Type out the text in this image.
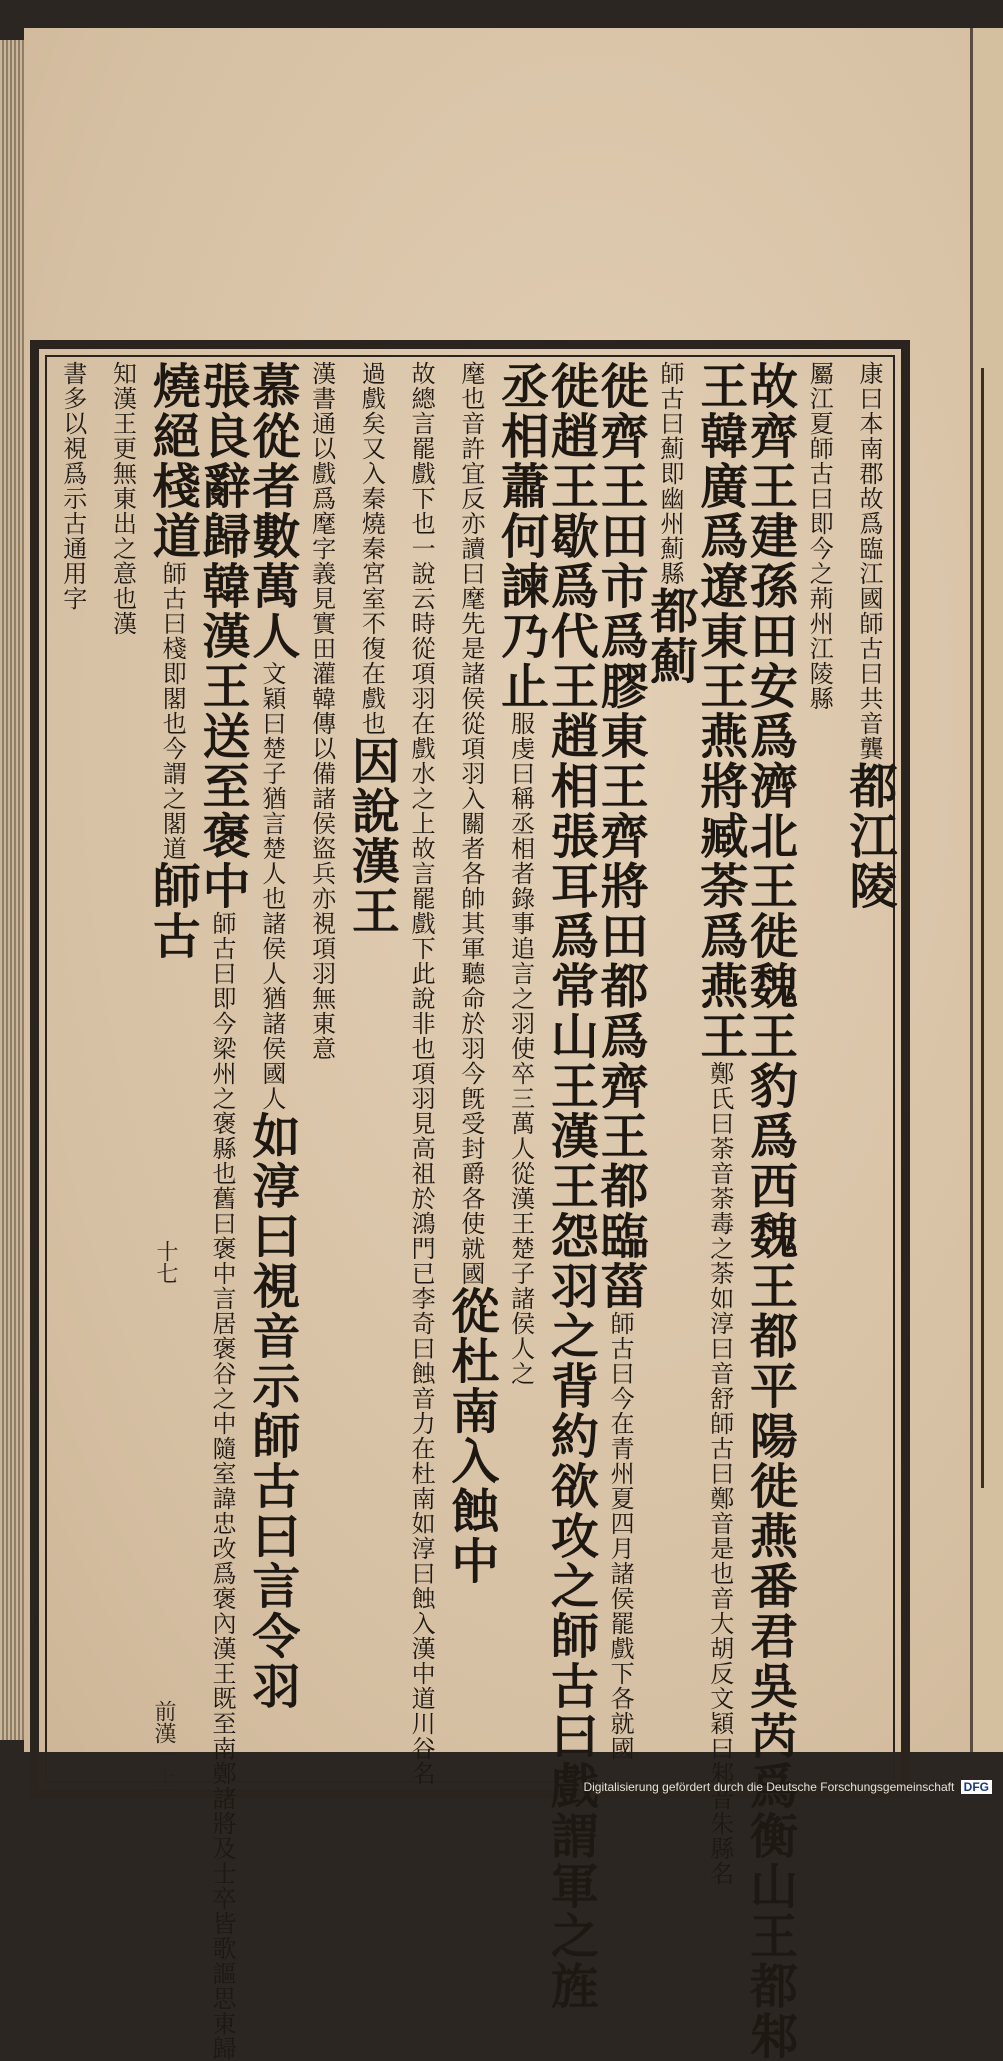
康曰本南郡故爲臨江國師古曰共音龔都江陵
屬江夏師古曰即今之荊州江陵縣
故齊王建孫田安爲濟北王徙魏王豹爲西魏王都平陽徙燕番君吳芮爲衡山王都邾
王韓廣爲遼東王燕將臧荼爲燕王鄭氏曰荼音荼毒之荼如淳曰音舒師古曰鄭音是也音大胡反文穎曰邾音朱縣名
師古曰薊即幽州薊縣都薊
徙齊王田市爲膠東王齊將田都爲齊王都臨菑師古曰今在青州夏四月諸侯罷戲下各就國
徙趙王歇爲代王趙相張耳爲常山王漢王怨羽之背約欲攻之師古曰戲謂軍之旌
丞相蕭何諫乃止服虔曰稱丞相者錄事追言之羽使卒三萬人從漢王楚子諸侯人之
麾也音許宜反亦讀曰麾先是諸侯從項羽入關者各帥其軍聽命於羽今旣受封爵各使就國從杜南入蝕中
故總言罷戲下也一說云時從項羽在戲水之上故言罷戲下此說非也項羽見高祖於鴻門已李奇曰蝕音力在杜南如淳曰蝕入漢中道川谷名
過戲矣又入秦燒秦宮室不復在戲也因說漢王
漢書通以戲爲麾字義見實田灌韓傳以備諸侯盜兵亦視項羽無東意
慕從者數萬人文穎曰楚子猶言楚人也諸侯人猶諸侯國人如淳曰視音示師古曰言令羽
張良辭歸韓漢王送至褒中師古曰即今梁州之褒縣也舊曰褒中言居褒谷之中隨室諱忠改爲褒內漢王既至南鄭諸將及士卒皆歌謳思東歸
燒絕棧道師古曰棧即閣也今謂之閣道師古
知漢王更無東出之意也漢
書多以視爲示古通用字
前漢一上
十七
Digitalisierung gefördert durch die Deutsche Forschungsgemeinschaft DFG
